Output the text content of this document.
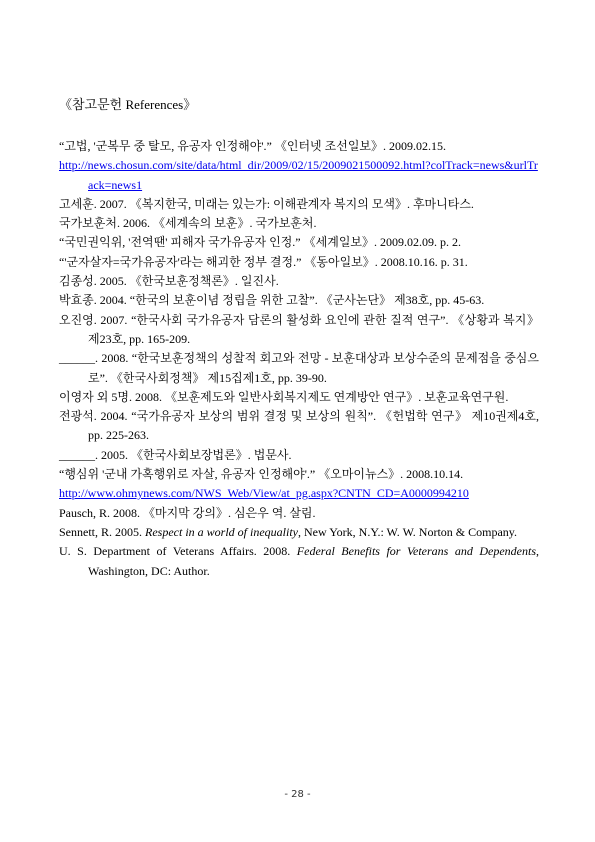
《참고문헌 References》
“고법, '군복무 중 탈모, 유공자 인정해야'.” 《인터넷 조선일보》. 2009.02.15.
http://news.chosun.com/site/data/html_dir/2009/02/15/2009021500092.html?colTrack=news&urlTrack=news1
고세훈. 2007. 《복지한국, 미래는 있는가: 이해관계자 복지의 모색》. 후마니타스.
국가보훈처. 2006. 《세계속의 보훈》. 국가보훈처.
“국민권익위, '전역땐' 피해자 국가유공자 인정.” 《세계일보》. 2009.02.09. p. 2.
“'군자살자=국가유공자'라는 해괴한 정부 결정.” 《동아일보》. 2008.10.16. p. 31.
김종성. 2005. 《한국보훈정책론》. 일진사.
박효종. 2004. “한국의 보훈이념 정립을 위한 고찰”. 《군사논단》 제38호, pp. 45-63.
오진영. 2007. “한국사회 국가유공자 담론의 활성화 요인에 관한 질적 연구”. 《상황과 복지》 제23호, pp. 165-209.
______. 2008. “한국보훈정책의 성찰적 회고와 전망 - 보훈대상과 보상수준의 문제점을 중심으로”. 《한국사회정책》 제15집제1호, pp. 39-90.
이영자 외 5명. 2008. 《보훈제도와 일반사회복지제도 연계방안 연구》. 보훈교육연구원.
전광석. 2004. “국가유공자 보상의 범위 결정 및 보상의 원칙”. 《헌법학 연구》 제10권제4호, pp. 225-263.
______. 2005. 《한국사회보장법론》. 법문사.
“행심위 '군내 가혹행위로 자살, 유공자 인정해야'.” 《오마이뉴스》. 2008.10.14.
http://www.ohmynews.com/NWS_Web/View/at_pg.aspx?CNTN_CD=A0000994210
Pausch, R. 2008. 《마지막 강의》. 심은우 역. 살림.
Sennett, R. 2005. Respect in a world of inequality, New York, N.Y.: W. W. Norton & Company.
U. S. Department of Veterans Affairs. 2008. Federal Benefits for Veterans and Dependents, Washington, DC: Author.
- 28 -
